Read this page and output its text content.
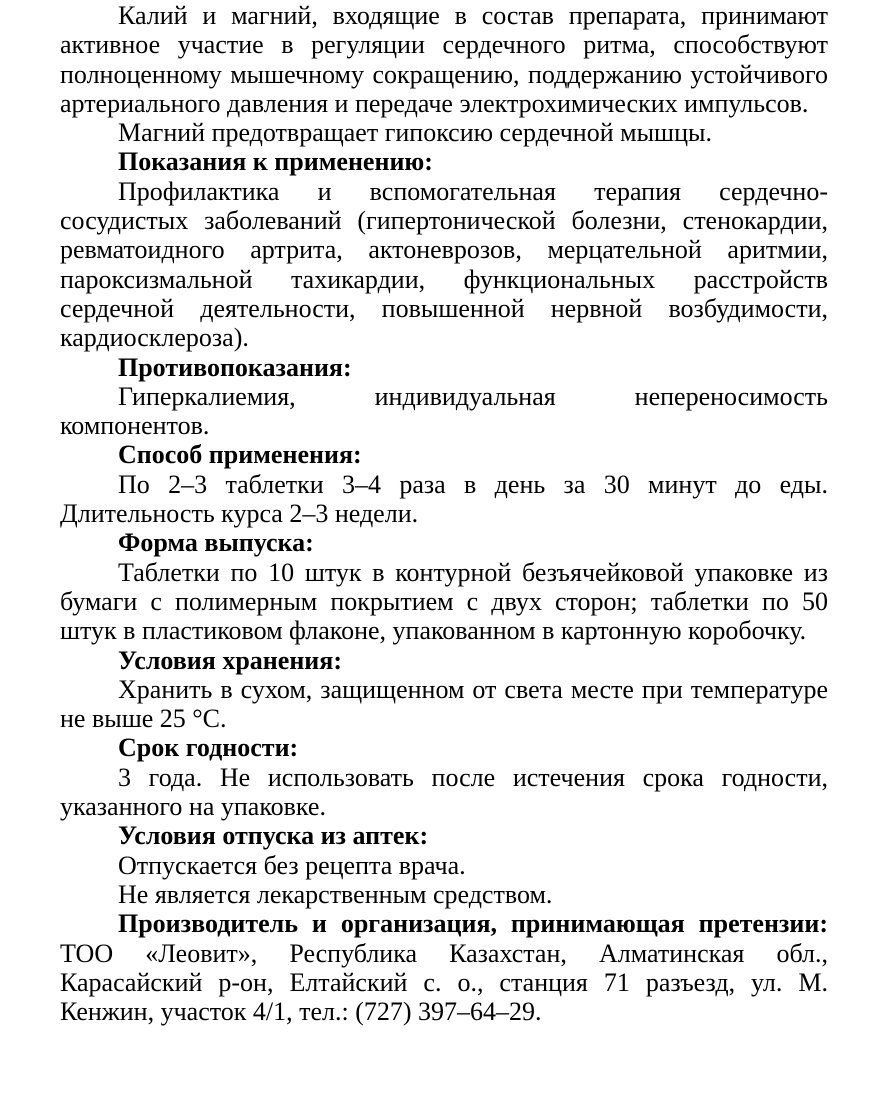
Калий и магний, входящие в состав препарата, принимают активное участие в регуляции сердечного ритма, способствуют полноценному мышечному сокращению, поддержанию устойчивого артериального давления и передаче электрохимических импульсов.

Магний предотвращает гипоксию сердечной мышцы.

Показания к применению:

Профилактика и вспомогательная терапия сердечно-сосудистых заболеваний (гипертонической болезни, стенокардии, ревматоидного артрита, актоневрозов, мерцательной аритмии, пароксизмальной тахикардии, функциональных расстройств сердечной деятельности, повышенной нервной возбудимости, кардиосклероза).

Противопоказания:

Гиперкалиемия, индивидуальная непереносимость компонентов.

Способ применения:

По 2–3 таблетки 3–4 раза в день за 30 минут до еды. Длительность курса 2–3 недели.

Форма выпуска:

Таблетки по 10 штук в контурной безъячейковой упаковке из бумаги с полимерным покрытием с двух сторон; таблетки по 50 штук в пластиковом флаконе, упакованном в картонную коробочку.

Условия хранения:

Хранить в сухом, защищенном от света месте при температуре не выше 25 °С.

Срок годности:

3 года. Не использовать после истечения срока годности, указанного на упаковке.

Условия отпуска из аптек:

Отпускается без рецепта врача.

Не является лекарственным средством.

Производитель и организация, принимающая претензии: ТОО «Леовит», Республика Казахстан, Алматинская обл., Карасайский р-он, Елтайский с. о., станция 71 разъезд, ул. М. Кенжин, участок 4/1, тел.: (727) 397–64–29.
